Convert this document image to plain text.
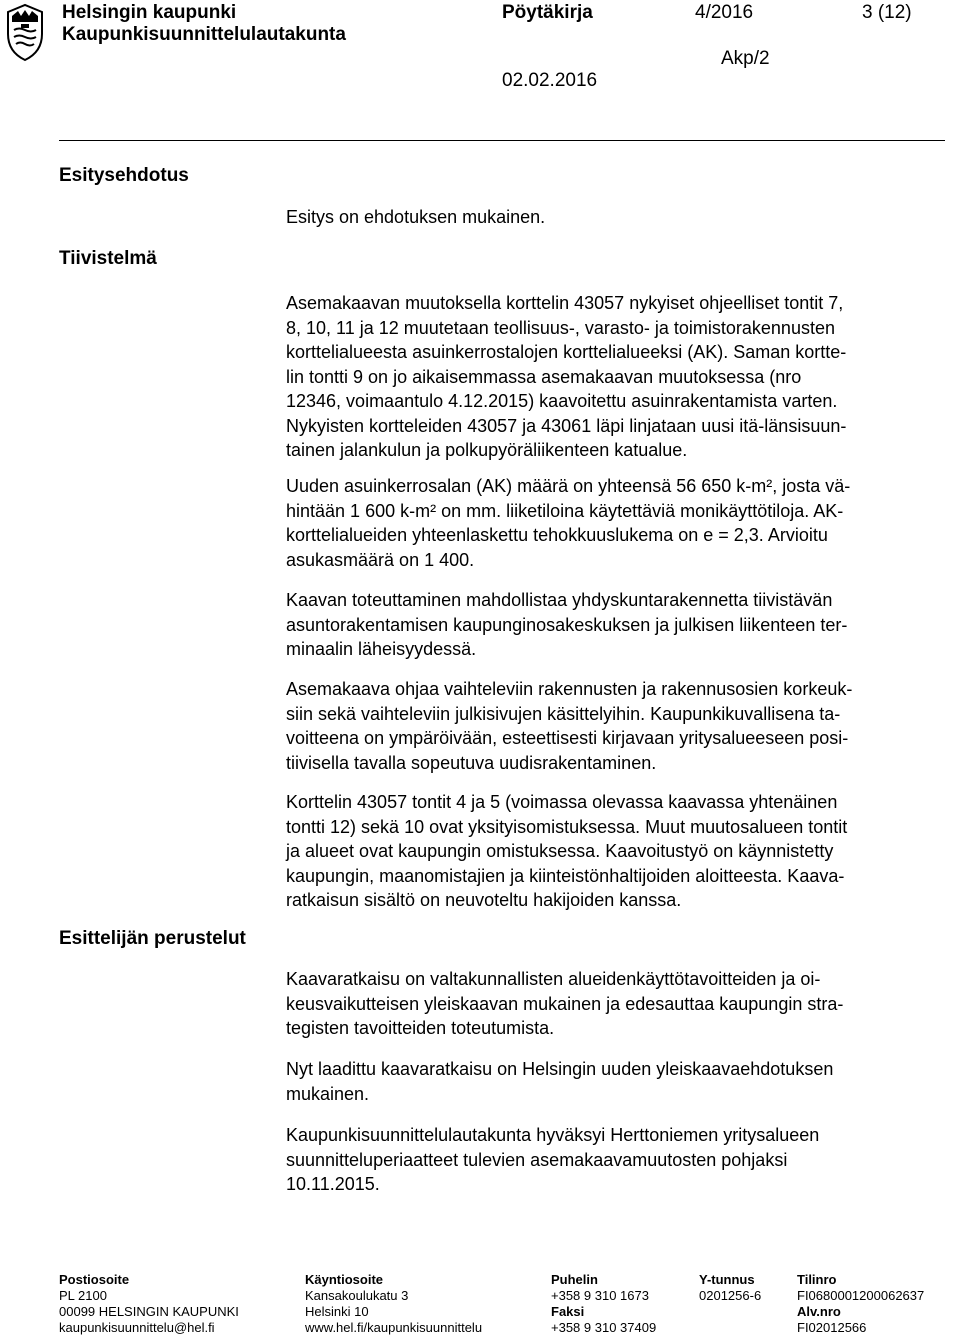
Helsingin kaupunki
Kaupunkisuunnittelulautakunta
Pöytäkirja	4/2016	3 (12)
Akp/2
02.02.2016
Esitysehdotus
Tiivistelmä
Esittelijän perustelut
Esitys on ehdotuksen mukainen.
Asemakaavan muutoksella korttelin 43057 nykyiset ohjeelliset tontit 7,
8, 10, 11 ja 12 muutetaan teollisuus-, varasto- ja toimistorakennusten
korttelialueesta asuinkerrostalojen korttelialueeksi (AK). Saman kortte-
lin tontti 9 on jo aikaisemmassa asemakaavan muutoksessa (nro
12346, voimaantulo 4.12.2015) kaavoitettu asuinrakentamista varten.
Nykyisten kortteleiden 43057 ja 43061 läpi linjataan uusi itä-länsisuun-
tainen jalankulun ja polkupyöräliikenteen katualue.
Uuden asuinkerrosalan (AK) määrä on yhteensä 56 650 k-m², josta vä-
hintään 1 600 k-m² on mm. liiketiloina käytettäviä monikäyttötiloja. AK-
korttelialueiden yhteenlaskettu tehokkuuslukema on e = 2,3. Arvioitu
asukasmäärä on 1 400.
Kaavan toteuttaminen mahdollistaa yhdyskuntarakennetta tiivistävän
asuntorakentamisen kaupunginosakeskuksen ja julkisen liikenteen ter-
minaalin läheisyydessä.
Asemakaava ohjaa vaihteleviin rakennusten ja rakennusosien korkeuk-
siin sekä vaihteleviin julkisivujen käsittelyihin. Kaupunkikuvallisena ta-
voitteena on ympäröivään, esteettisesti kirjavaan yritysalueeseen posi-
tiivisella tavalla sopeutuva uudisrakentaminen.
Korttelin 43057 tontit 4 ja 5 (voimassa olevassa kaavassa yhtenäinen
tontti 12) sekä 10 ovat yksityisomistuksessa. Muut muutosalueen tontit
ja alueet ovat kaupungin omistuksessa. Kaavoitustyö on käynnistetty
kaupungin, maanomistajien ja kiinteistönhaltijoiden aloitteesta. Kaava-
ratkaisun sisältö on neuvoteltu hakijoiden kanssa.
Kaavaratkaisu on valtakunnallisten alueidenkäyttötavoitteiden ja oi-
keusvaikutteisen yleiskaavan mukainen ja edesauttaa kaupungin stra-
tegisten tavoitteiden toteutumista.
Nyt laadittu kaavaratkaisu on Helsingin uuden yleiskaavaehdotuksen
mukainen.
Kaupunkisuunnittelulautakunta hyväksyi Herttoniemen yritysalueen
suunnitteluperiaatteet tulevien asemakaavamuutosten pohjaksi
10.11.2015.
Postiosoite
PL 2100
00099 HELSINGIN KAUPUNKI
kaupunkisuunnittelu@hel.fi
Käyntiosoite
Kansakoulukatu 3
Helsinki 10
www.hel.fi/kaupunkisuunnittelu
Puhelin
+358 9 310 1673
Faksi
+358 9 310 37409
Y-tunnus
0201256-6
Tilinro
FI0680001200062637
Alv.nro
FI02012566
